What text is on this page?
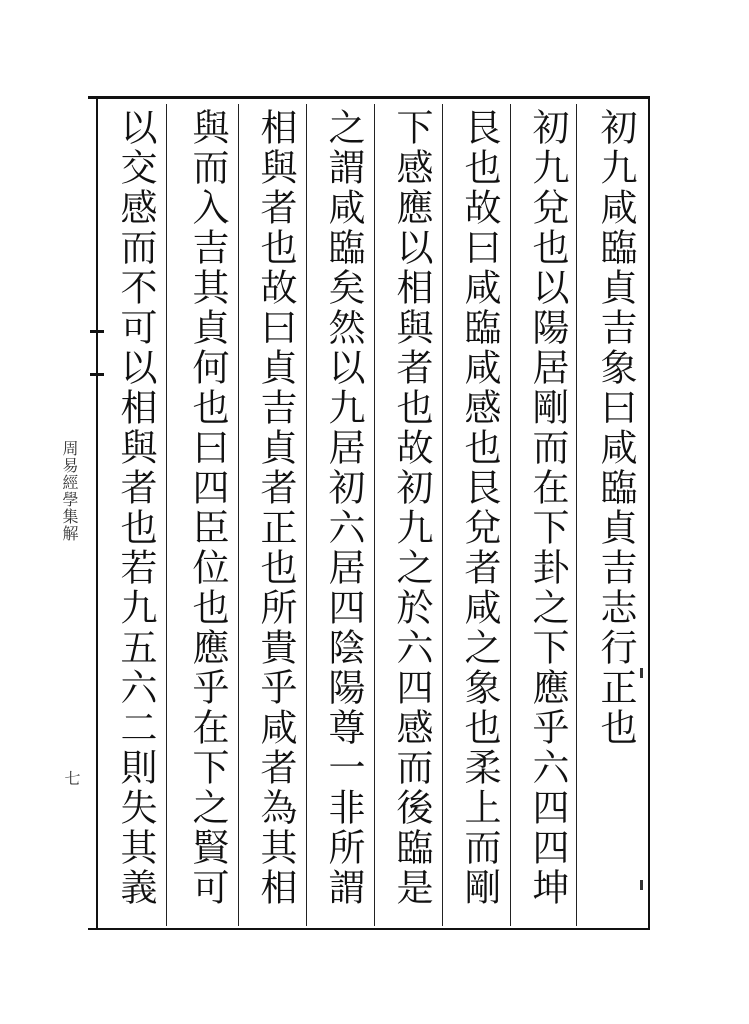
初九咸臨貞吉象曰咸臨貞吉志行正也
初九兌也以陽居剛而在下卦之下應乎六四四坤
艮也故曰咸臨咸感也艮兌者咸之象也柔上而剛
下感應以相與者也故初九之於六四感而後臨是
之謂咸臨矣然以九居初六居四陰陽尊一非所謂
相與者也故曰貞吉貞者正也所貴乎咸者為其相
與而入吉其貞何也曰四臣位也應乎在下之賢可
以交感而不可以相與者也若九五六二則失其義
周易經學集解
七
